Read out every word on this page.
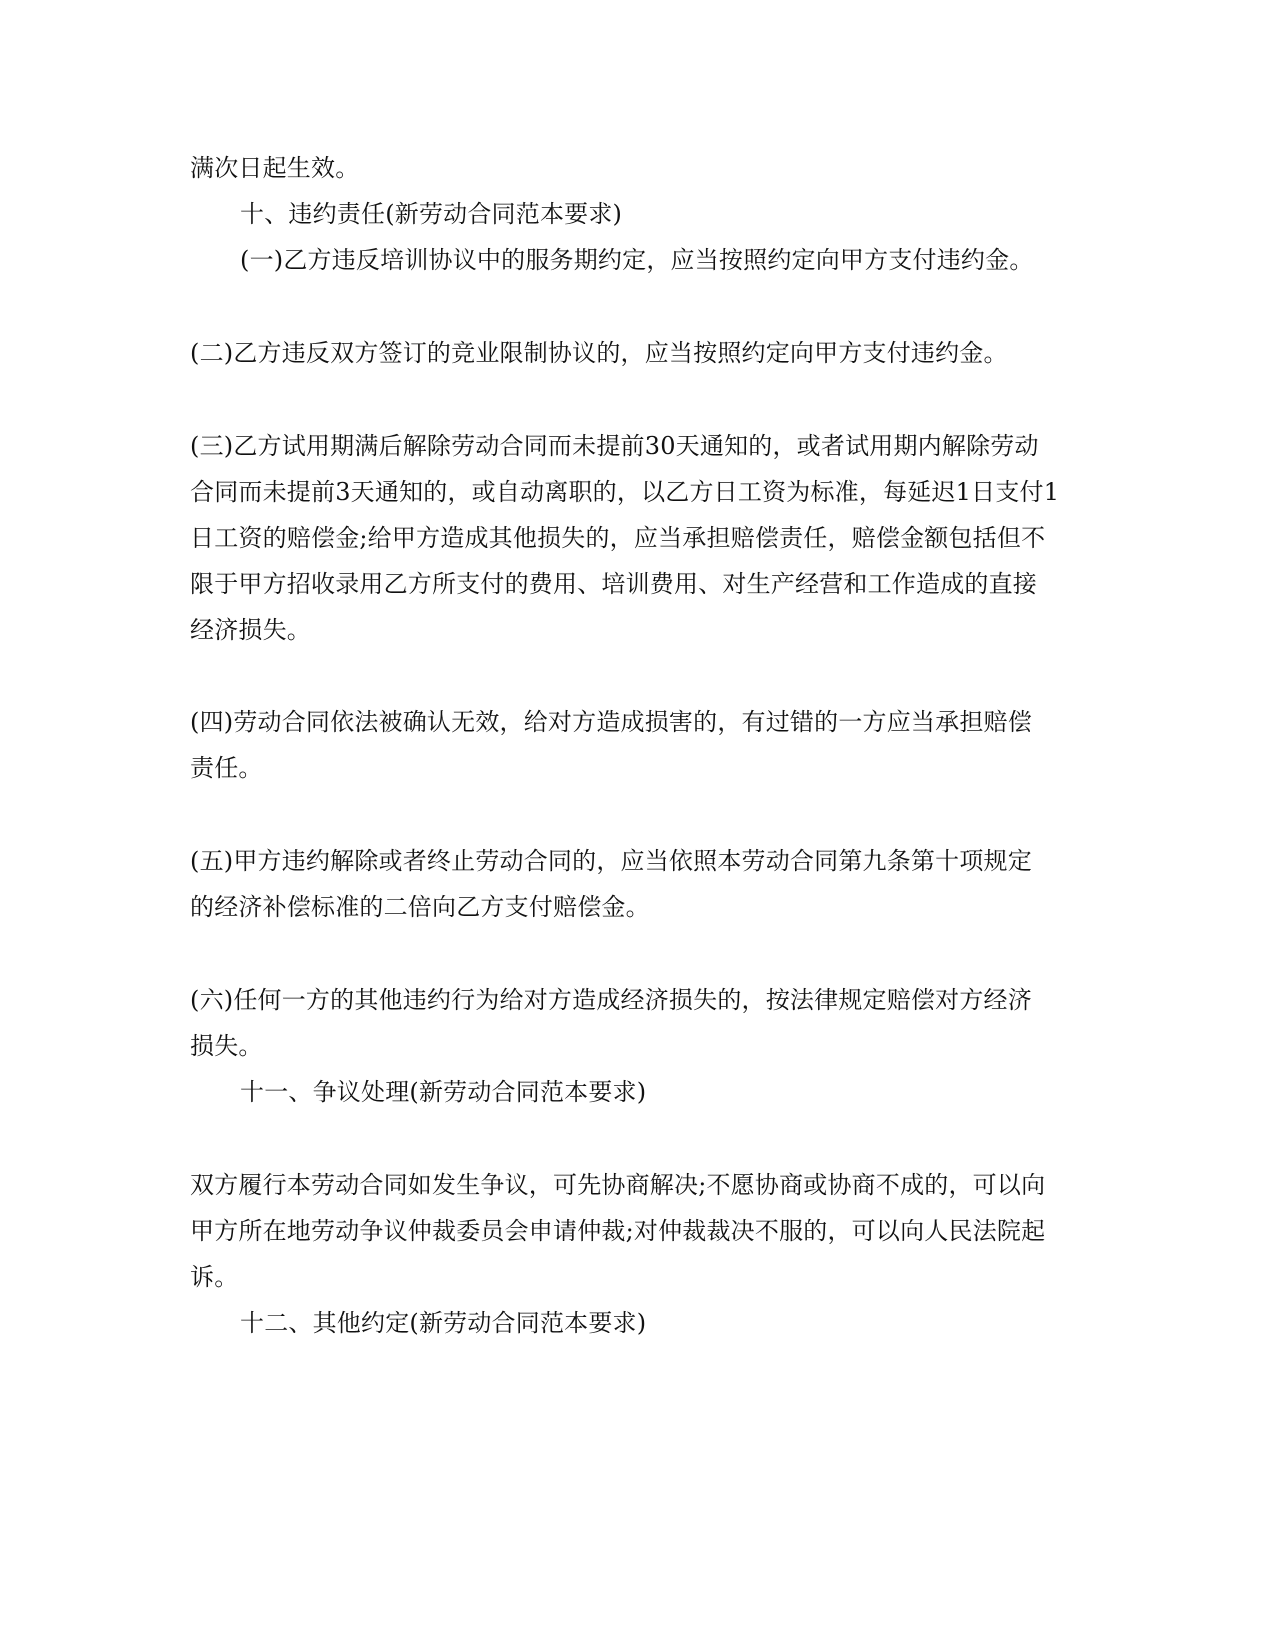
满次日起生效。
十、违约责任(新劳动合同范本要求)
(一)乙方违反培训协议中的服务期约定，应当按照约定向甲方支付违约金。
(二)乙方违反双方签订的竞业限制协议的，应当按照约定向甲方支付违约金。
(三)乙方试用期满后解除劳动合同而未提前30天通知的，或者试用期内解除劳动
合同而未提前3天通知的，或自动离职的，以乙方日工资为标准，每延迟1日支付1
日工资的赔偿金;给甲方造成其他损失的，应当承担赔偿责任，赔偿金额包括但不
限于甲方招收录用乙方所支付的费用、培训费用、对生产经营和工作造成的直接
经济损失。
(四)劳动合同依法被确认无效，给对方造成损害的，有过错的一方应当承担赔偿
责任。
(五)甲方违约解除或者终止劳动合同的，应当依照本劳动合同第九条第十项规定
的经济补偿标准的二倍向乙方支付赔偿金。
(六)任何一方的其他违约行为给对方造成经济损失的，按法律规定赔偿对方经济
损失。
十一、争议处理(新劳动合同范本要求)
双方履行本劳动合同如发生争议，可先协商解决;不愿协商或协商不成的，可以向
甲方所在地劳动争议仲裁委员会申请仲裁;对仲裁裁决不服的，可以向人民法院起
诉。
十二、其他约定(新劳动合同范本要求)
